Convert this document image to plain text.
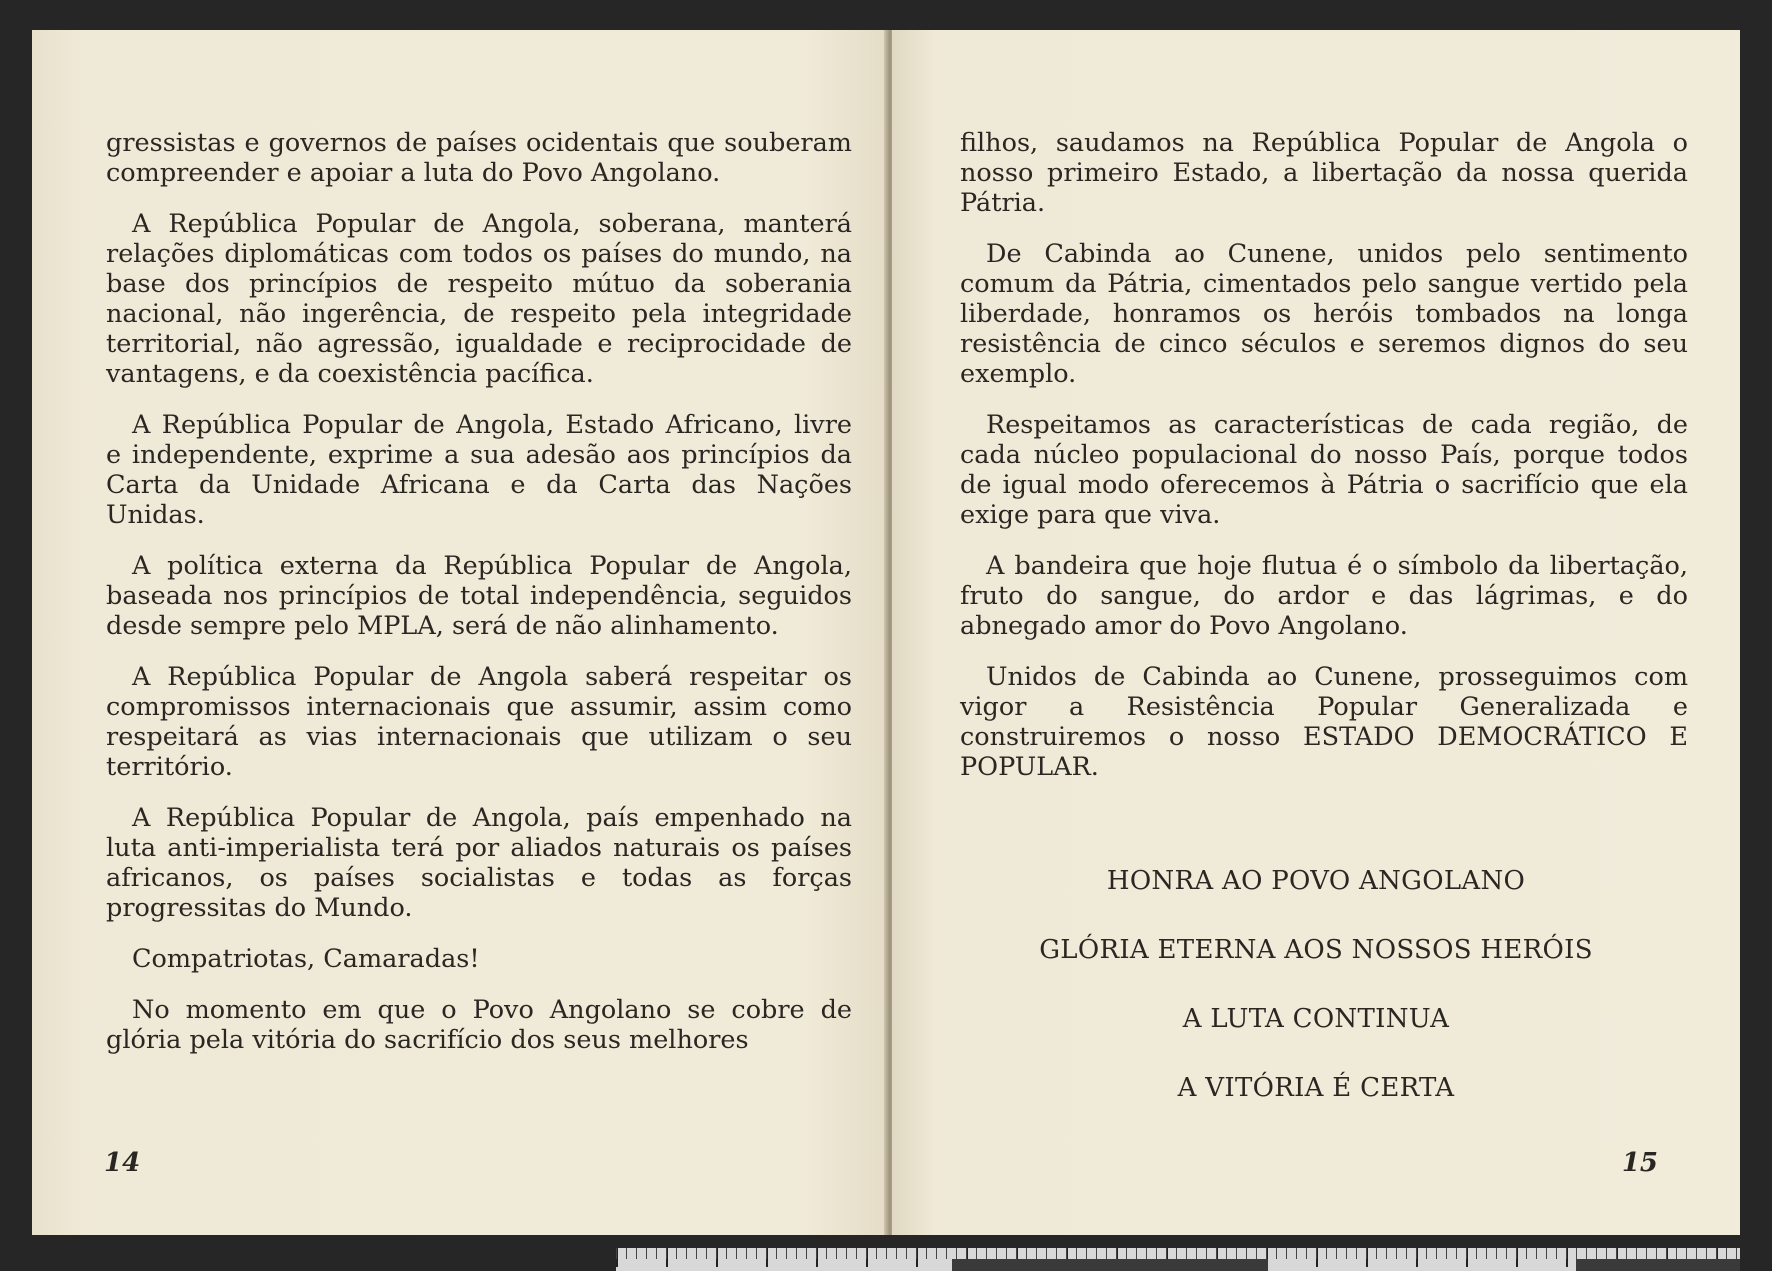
gressistas e governos de países ocidentais que souberam compreender e apoiar a luta do Povo Angolano.

A República Popular de Angola, soberana, manterá relações diplomáticas com todos os países do mundo, na base dos princípios de respeito mútuo da soberania nacional, não ingerência, de respeito pela integridade territorial, não agressão, igualdade e reciprocidade de vantagens, e da coexistência pacífica.

A República Popular de Angola, Estado Africano, livre e independente, exprime a sua adesão aos princípios da Carta da Unidade Africana e da Carta das Nações Unidas.

A política externa da República Popular de Angola, baseada nos princípios de total independência, seguidos desde sempre pelo MPLA, será de não alinhamento.

A República Popular de Angola saberá respeitar os compromissos internacionais que assumir, assim como respeitará as vias internacionais que utilizam o seu território.

A República Popular de Angola, país empenhado na luta anti-imperialista terá por aliados naturais os países africanos, os países socialistas e todas as forças progressitas do Mundo.

Compatriotas, Camaradas!

No momento em que o Povo Angolano se cobre de glória pela vitória do sacrifício dos seus melhores

14

filhos, saudamos na República Popular de Angola o nosso primeiro Estado, a libertação da nossa querida Pátria.

De Cabinda ao Cunene, unidos pelo sentimento comum da Pátria, cimentados pelo sangue vertido pela liberdade, honramos os heróis tombados na longa resistência de cinco séculos e seremos dignos do seu exemplo.

Respeitamos as características de cada região, de cada núcleo populacional do nosso País, porque todos de igual modo oferecemos à Pátria o sacrifício que ela exige para que viva.

A bandeira que hoje flutua é o símbolo da libertação, fruto do sangue, do ardor e das lágrimas, e do abnegado amor do Povo Angolano.

Unidos de Cabinda ao Cunene, prosseguimos com vigor a Resistência Popular Generalizada e construiremos o nosso ESTADO DEMOCRÁTICO E POPULAR.

HONRA AO POVO ANGOLANO
GLÓRIA ETERNA AOS NOSSOS HERÓIS
A LUTA CONTINUA
A VITÓRIA É CERTA
15
